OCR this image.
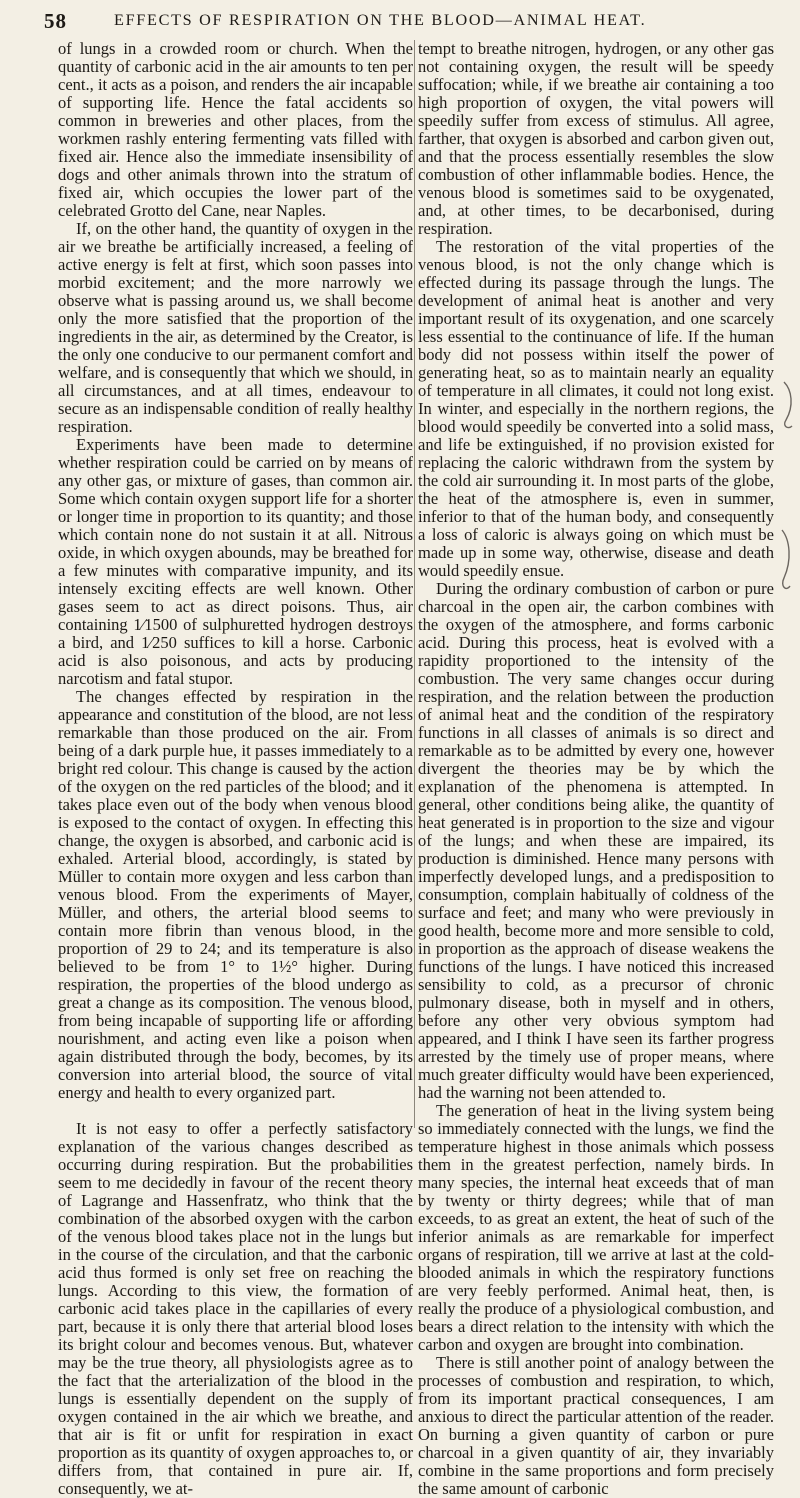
58	EFFECTS OF RESPIRATION ON THE BLOOD—ANIMAL HEAT.

of lungs in a crowded room or church. When the quantity of carbonic acid in the air amounts to ten per cent., it acts as a poison, and renders the air incapable of supporting life. Hence the fatal accidents so common in breweries and other places, from the workmen rashly entering fermenting vats filled with fixed air. Hence also the immediate insensibility of dogs and other animals thrown into the stratum of fixed air, which occupies the lower part of the celebrated Grotto del Cane, near Naples.

If, on the other hand, the quantity of oxygen in the air we breathe be artificially increased, a feeling of active energy is felt at first, which soon passes into morbid excitement; and the more narrowly we observe what is passing around us, we shall become only the more satisfied that the proportion of the ingredients in the air, as determined by the Creator, is the only one conducive to our permanent comfort and welfare, and is consequently that which we should, in all circumstances, and at all times, endeavour to secure as an indispensable condition of really healthy respiration.

Experiments have been made to determine whether respiration could be carried on by means of any other gas, or mixture of gases, than common air. Some which contain oxygen support life for a shorter or longer time in proportion to its quantity; and those which contain none do not sustain it at all. Nitrous oxide, in which oxygen abounds, may be breathed for a few minutes with comparative impunity, and its intensely exciting effects are well known. Other gases seem to act as direct poisons. Thus, air containing 1⁄1500 of sulphuretted hydrogen destroys a bird, and 1⁄250 suffices to kill a horse. Carbonic acid is also poisonous, and acts by producing narcotism and fatal stupor.

The changes effected by respiration in the appearance and constitution of the blood, are not less remarkable than those produced on the air. From being of a dark purple hue, it passes immediately to a bright red colour. This change is caused by the action of the oxygen on the red particles of the blood; and it takes place even out of the body when venous blood is exposed to the contact of oxygen. In effecting this change, the oxygen is absorbed, and carbonic acid is exhaled. Arterial blood, accordingly, is stated by Müller to contain more oxygen and less carbon than venous blood. From the experiments of Mayer, Müller, and others, the arterial blood seems to contain more fibrin than venous blood, in the proportion of 29 to 24; and its temperature is also believed to be from 1° to 1½° higher. During respiration, the properties of the blood undergo as great a change as its composition. The venous blood, from being incapable of supporting life or affording nourishment, and acting even like a poison when again distributed through the body, becomes, by its conversion into arterial blood, the source of vital energy and health to every organized part.

It is not easy to offer a perfectly satisfactory explanation of the various changes described as occurring during respiration. But the probabilities seem to me decidedly in favour of the recent theory of Lagrange and Hassenfratz, who think that the combination of the absorbed oxygen with the carbon of the venous blood takes place not in the lungs but in the course of the circulation, and that the carbonic acid thus formed is only set free on reaching the lungs. According to this view, the formation of carbonic acid takes place in the capillaries of every part, because it is only there that arterial blood loses its bright colour and becomes venous. But, whatever may be the true theory, all physiologists agree as to the fact that the arterialization of the blood in the lungs is essentially dependent on the supply of oxygen contained in the air which we breathe, and that air is fit or unfit for respiration in exact proportion as its quantity of oxygen approaches to, or differs from, that contained in pure air. If, consequently, we at-

tempt to breathe nitrogen, hydrogen, or any other gas not containing oxygen, the result will be speedy suffocation; while, if we breathe air containing a too high proportion of oxygen, the vital powers will speedily suffer from excess of stimulus. All agree, farther, that oxygen is absorbed and carbon given out, and that the process essentially resembles the slow combustion of other inflammable bodies. Hence, the venous blood is sometimes said to be oxygenated, and, at other times, to be decarbonised, during respiration.

The restoration of the vital properties of the venous blood, is not the only change which is effected during its passage through the lungs. The development of animal heat is another and very important result of its oxygenation, and one scarcely less essential to the continuance of life. If the human body did not possess within itself the power of generating heat, so as to maintain nearly an equality of temperature in all climates, it could not long exist. In winter, and especially in the northern regions, the blood would speedily be converted into a solid mass, and life be extinguished, if no provision existed for replacing the caloric withdrawn from the system by the cold air surrounding it. In most parts of the globe, the heat of the atmosphere is, even in summer, inferior to that of the human body, and consequently a loss of caloric is always going on which must be made up in some way, otherwise, disease and death would speedily ensue.

During the ordinary combustion of carbon or pure charcoal in the open air, the carbon combines with the oxygen of the atmosphere, and forms carbonic acid. During this process, heat is evolved with a rapidity proportioned to the intensity of the combustion. The very same changes occur during respiration, and the relation between the production of animal heat and the condition of the respiratory functions in all classes of animals is so direct and remarkable as to be admitted by every one, however divergent the theories may be by which the explanation of the phenomena is attempted. In general, other conditions being alike, the quantity of heat generated is in proportion to the size and vigour of the lungs; and when these are impaired, its production is diminished. Hence many persons with imperfectly developed lungs, and a predisposition to consumption, complain habitually of coldness of the surface and feet; and many who were previously in good health, become more and more sensible to cold, in proportion as the approach of disease weakens the functions of the lungs. I have noticed this increased sensibility to cold, as a precursor of chronic pulmonary disease, both in myself and in others, before any other very obvious symptom had appeared, and I think I have seen its farther progress arrested by the timely use of proper means, where much greater difficulty would have been experienced, had the warning not been attended to.

The generation of heat in the living system being so immediately connected with the lungs, we find the temperature highest in those animals which possess them in the greatest perfection, namely birds. In many species, the internal heat exceeds that of man by twenty or thirty degrees; while that of man exceeds, to as great an extent, the heat of such of the inferior animals as are remarkable for imperfect organs of respiration, till we arrive at last at the cold-blooded animals in which the respiratory functions are very feebly performed. Animal heat, then, is really the produce of a physiological combustion, and bears a direct relation to the intensity with which the carbon and oxygen are brought into combination.

There is still another point of analogy between the processes of combustion and respiration, to which, from its important practical consequences, I am anxious to direct the particular attention of the reader. On burning a given quantity of carbon or pure charcoal in a given quantity of air, they invariably combine in the same proportions and form precisely the same amount of carbonic
